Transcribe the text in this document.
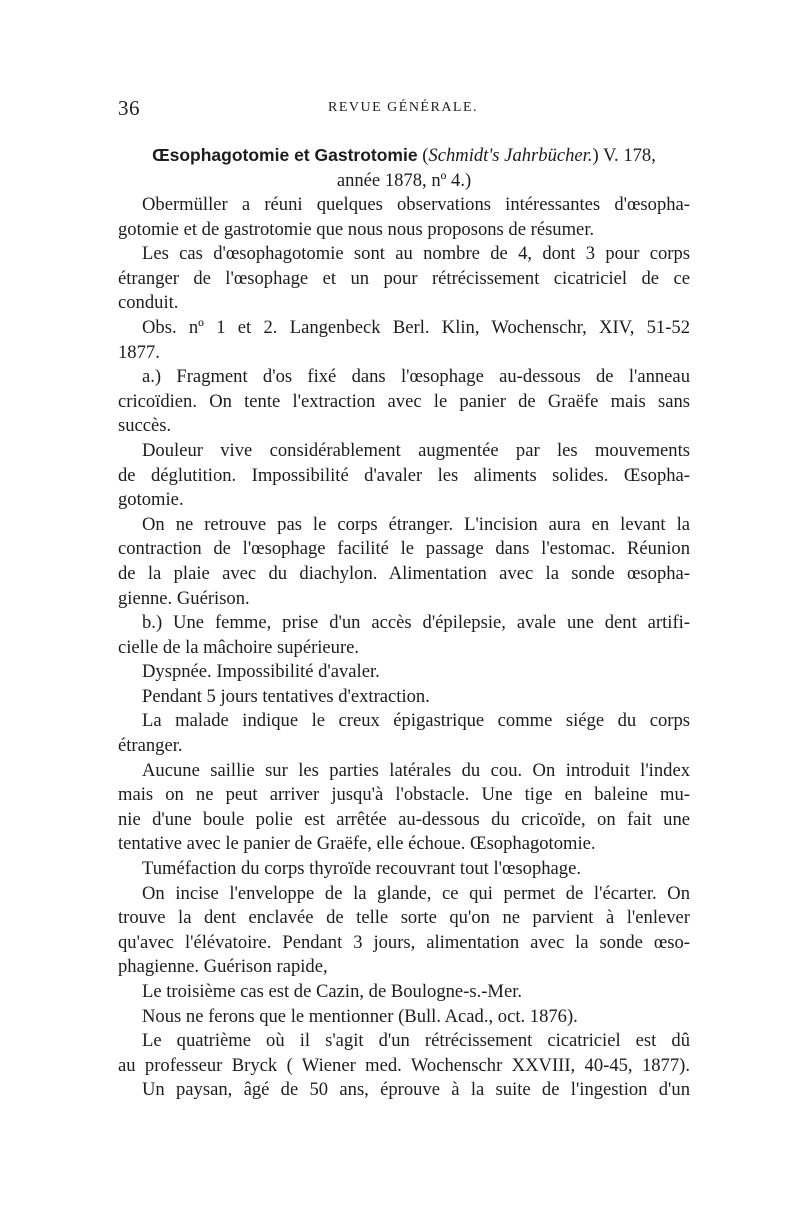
36	REVUE GÉNÉRALE.
Œsophagotomie et Gastrotomie (Schmidt's Jahrbücher.) V. 178,
année 1878, nº 4.)
Obermüller a réuni quelques observations intéressantes d'œsopha-
gotomie et de gastrotomie que nous nous proposons de résumer.
Les cas d'œsophagotomie sont au nombre de 4, dont 3 pour corps
étranger de l'œsophage et un pour rétrécissement cicatriciel de ce
conduit.
Obs. nº 1 et 2. Langenbeck Berl. Klin, Wochenschr, XIV, 51-52
1877.
a.) Fragment d'os fixé dans l'œsophage au-dessous de l'anneau
cricoïdien. On tente l'extraction avec le panier de Graëfe mais sans
succès.
Douleur vive considérablement augmentée par les mouvements
de déglutition. Impossibilité d'avaler les aliments solides. Œsopha-
gotomie.
On ne retrouve pas le corps étranger. L'incision aura en levant la
contraction de l'œsophage facilité le passage dans l'estomac. Réunion
de la plaie avec du diachylon. Alimentation avec la sonde œsopha-
gienne. Guérison.
b.) Une femme, prise d'un accès d'épilepsie, avale une dent artifi-
cielle de la mâchoire supérieure.
Dyspnée. Impossibilité d'avaler.
Pendant 5 jours tentatives d'extraction.
La malade indique le creux épigastrique comme siége du corps
étranger.
Aucune saillie sur les parties latérales du cou. On introduit l'index
mais on ne peut arriver jusqu'à l'obstacle. Une tige en baleine mu-
nie d'une boule polie est arrêtée au-dessous du cricoïde, on fait une
tentative avec le panier de Graëfe, elle échoue. Œsophagotomie.
Tuméfaction du corps thyroïde recouvrant tout l'œsophage.
On incise l'enveloppe de la glande, ce qui permet de l'écarter. On
trouve la dent enclavée de telle sorte qu'on ne parvient à l'enlever
qu'avec l'élévatoire. Pendant 3 jours, alimentation avec la sonde œso-
phagienne. Guérison rapide,
Le troisième cas est de Cazin, de Boulogne-s.-Mer.
Nous ne ferons que le mentionner (Bull. Acad., oct. 1876).
Le quatrième où il s'agit d'un rétrécissement cicatriciel est dû
au professeur Bryck ( Wiener med. Wochenschr XXVIII, 40-45, 1877).
Un paysan, âgé de 50 ans, éprouve à la suite de l'ingestion d'un
